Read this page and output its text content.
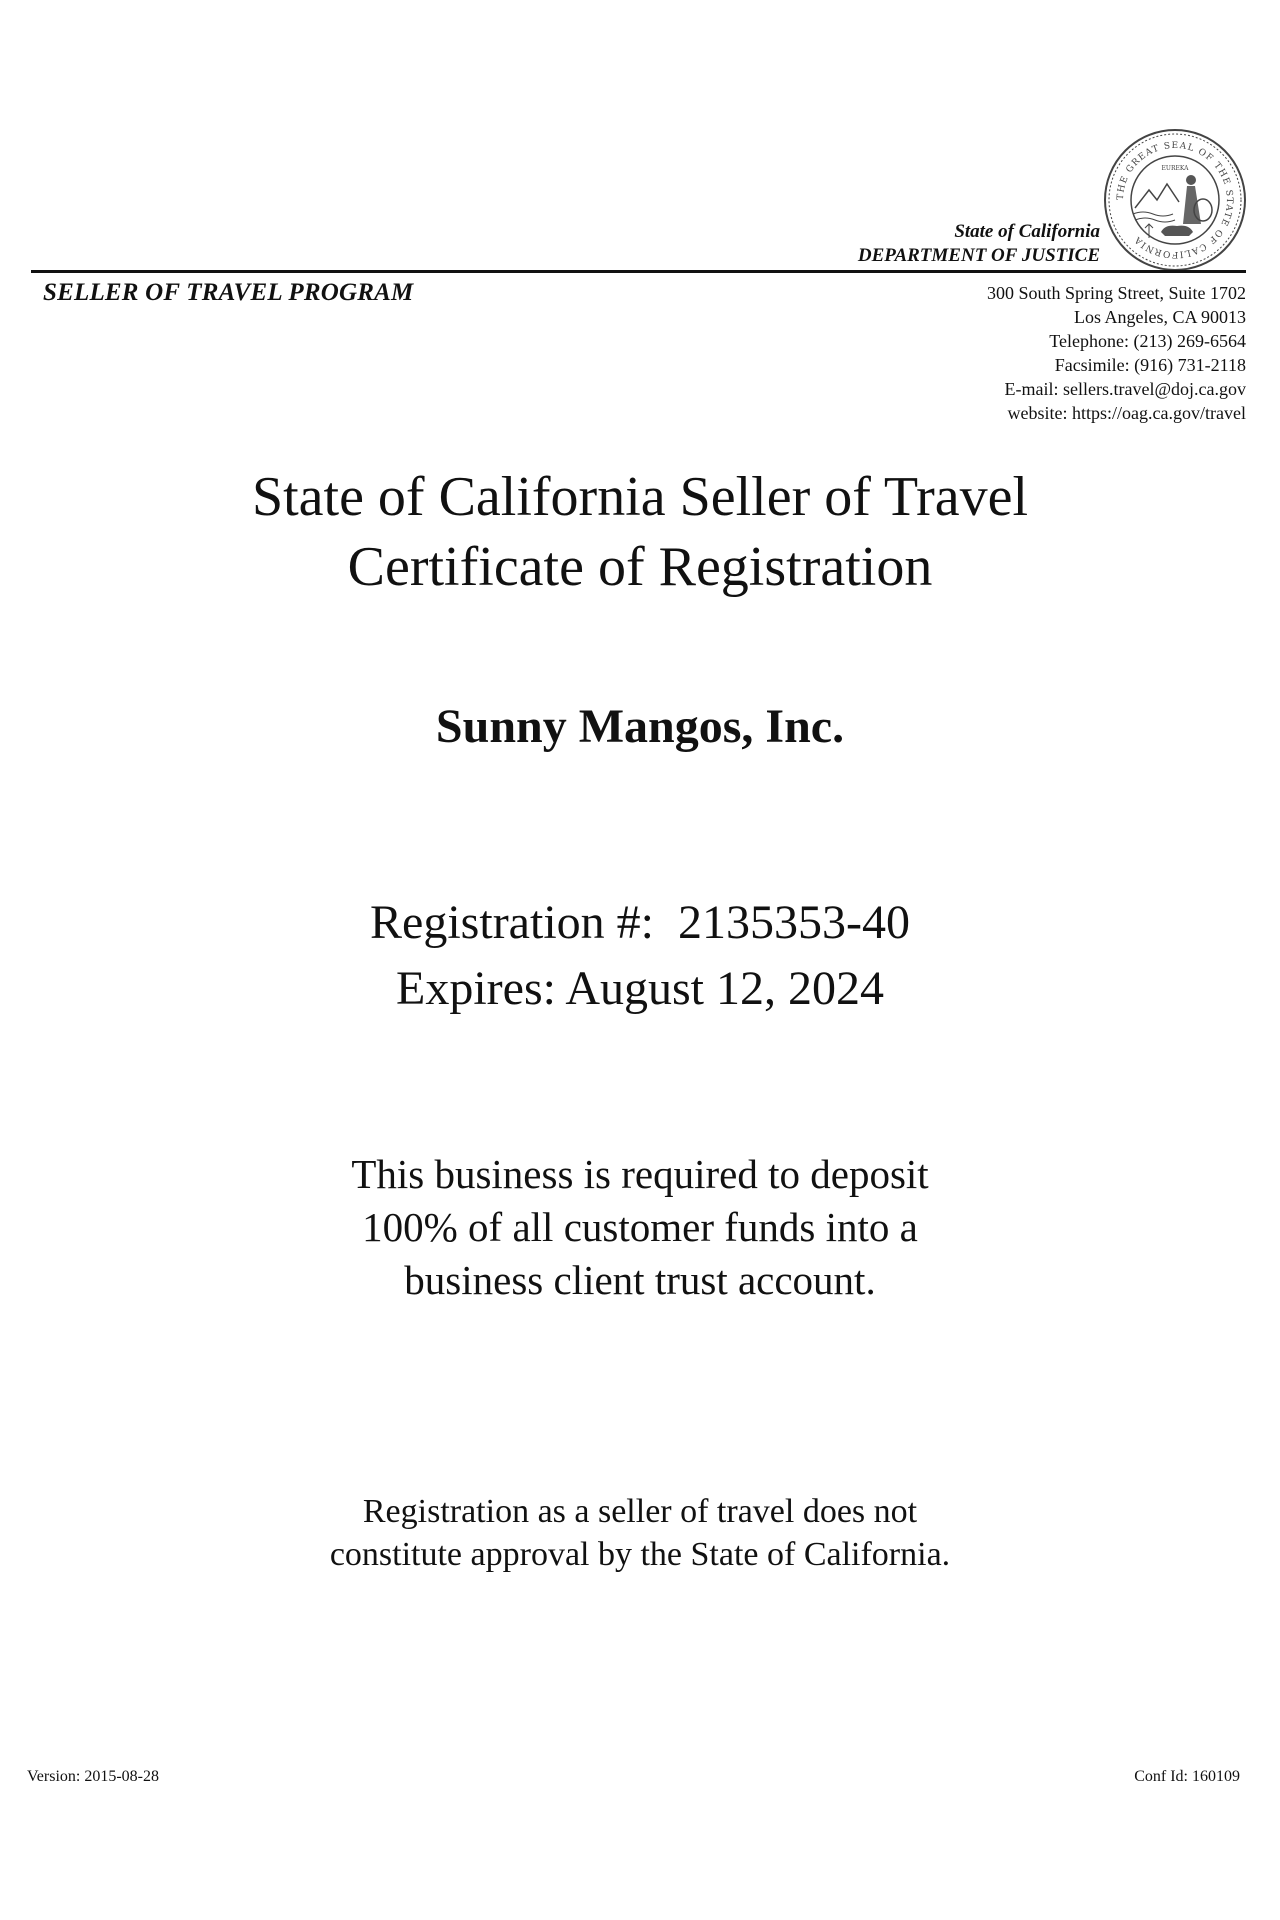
THE GREAT SEAL OF THE STATE OF CALIFORNIA
EUREKA
State of California
DEPARTMENT OF JUSTICE
SELLER OF TRAVEL PROGRAM	300 South Spring Street, Suite 1702
Los Angeles, CA 90013
Telephone: (213) 269-6564
Facsimile: (916) 731-2118
E-mail: sellers.travel@doj.ca.gov
website: https://oag.ca.gov/travel
State of California Seller of Travel
Certificate of Registration
Sunny Mangos, Inc.
Registration #:  2135353-40
Expires: August 12, 2024
This business is required to deposit
100% of all customer funds into a
business client trust account.
Registration as a seller of travel does not
constitute approval by the State of California.
Version: 2015-08-28	Conf Id: 160109
